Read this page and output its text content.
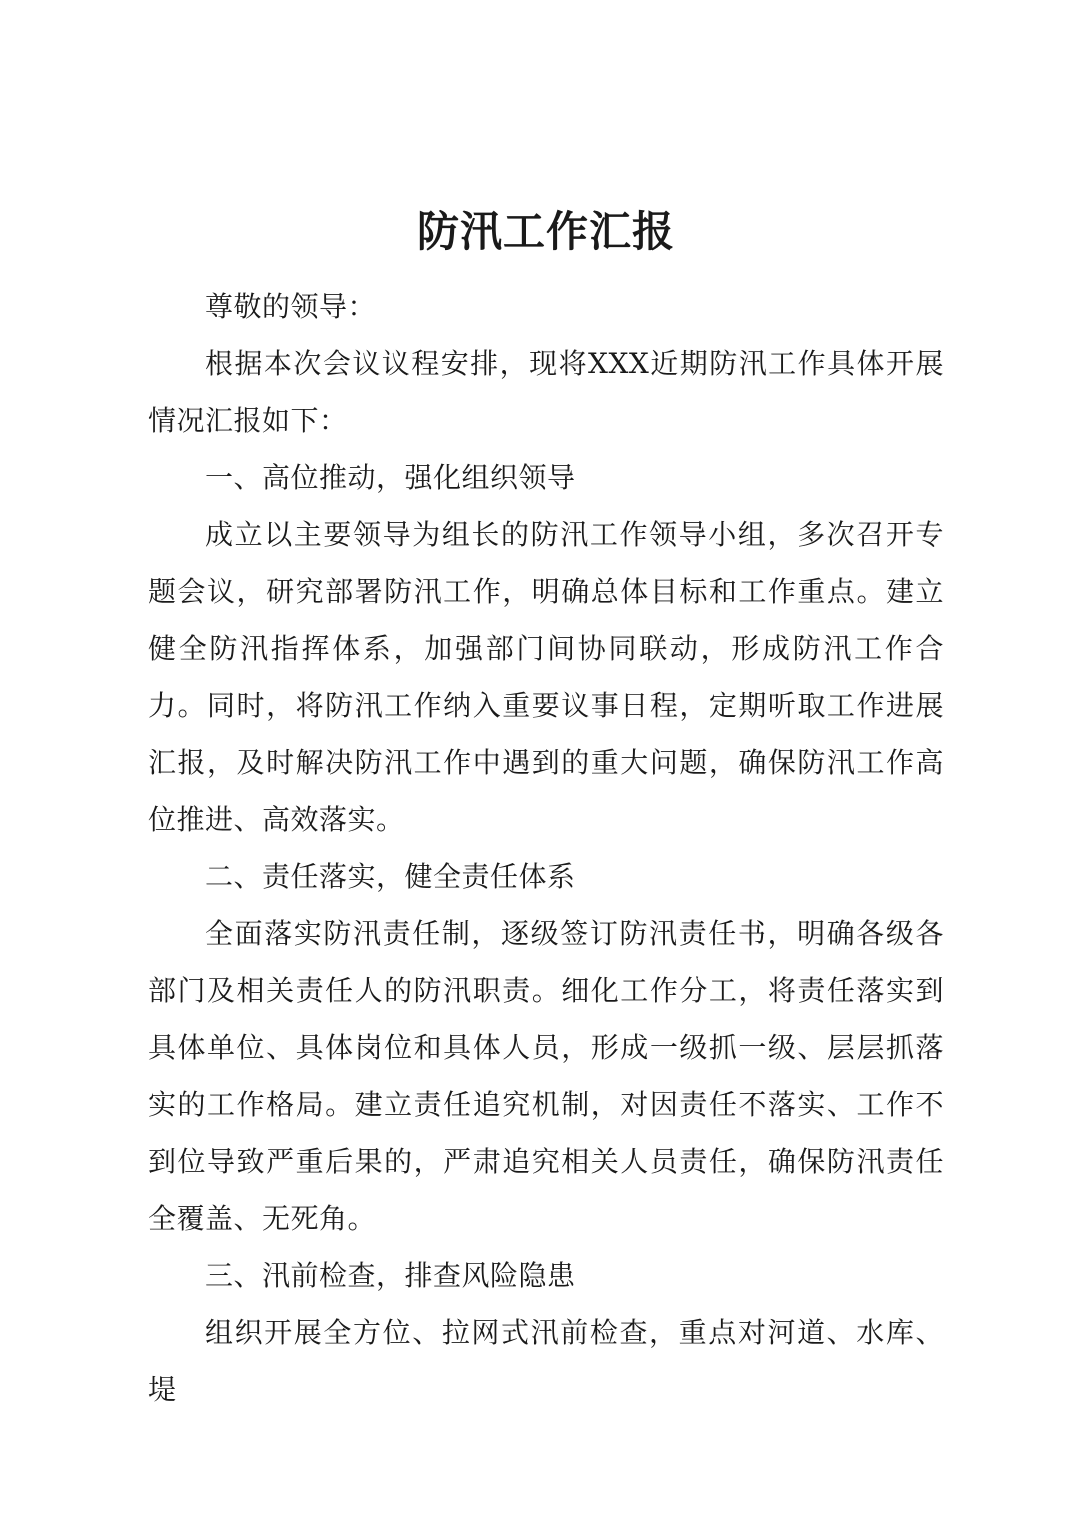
防汛工作汇报

尊敬的领导：

根据本次会议议程安排，现将XXX近期防汛工作具体开展情况汇报如下：

一、高位推动，强化组织领导

成立以主要领导为组长的防汛工作领导小组，多次召开专题会议，研究部署防汛工作，明确总体目标和工作重点。建立健全防汛指挥体系，加强部门间协同联动，形成防汛工作合力。同时，将防汛工作纳入重要议事日程，定期听取工作进展汇报，及时解决防汛工作中遇到的重大问题，确保防汛工作高位推进、高效落实。

二、责任落实，健全责任体系

全面落实防汛责任制，逐级签订防汛责任书，明确各级各部门及相关责任人的防汛职责。细化工作分工，将责任落实到具体单位、具体岗位和具体人员，形成一级抓一级、层层抓落实的工作格局。建立责任追究机制，对因责任不落实、工作不到位导致严重后果的，严肃追究相关人员责任，确保防汛责任全覆盖、无死角。

三、汛前检查，排查风险隐患

组织开展全方位、拉网式汛前检查，重点对河道、水库、堤
